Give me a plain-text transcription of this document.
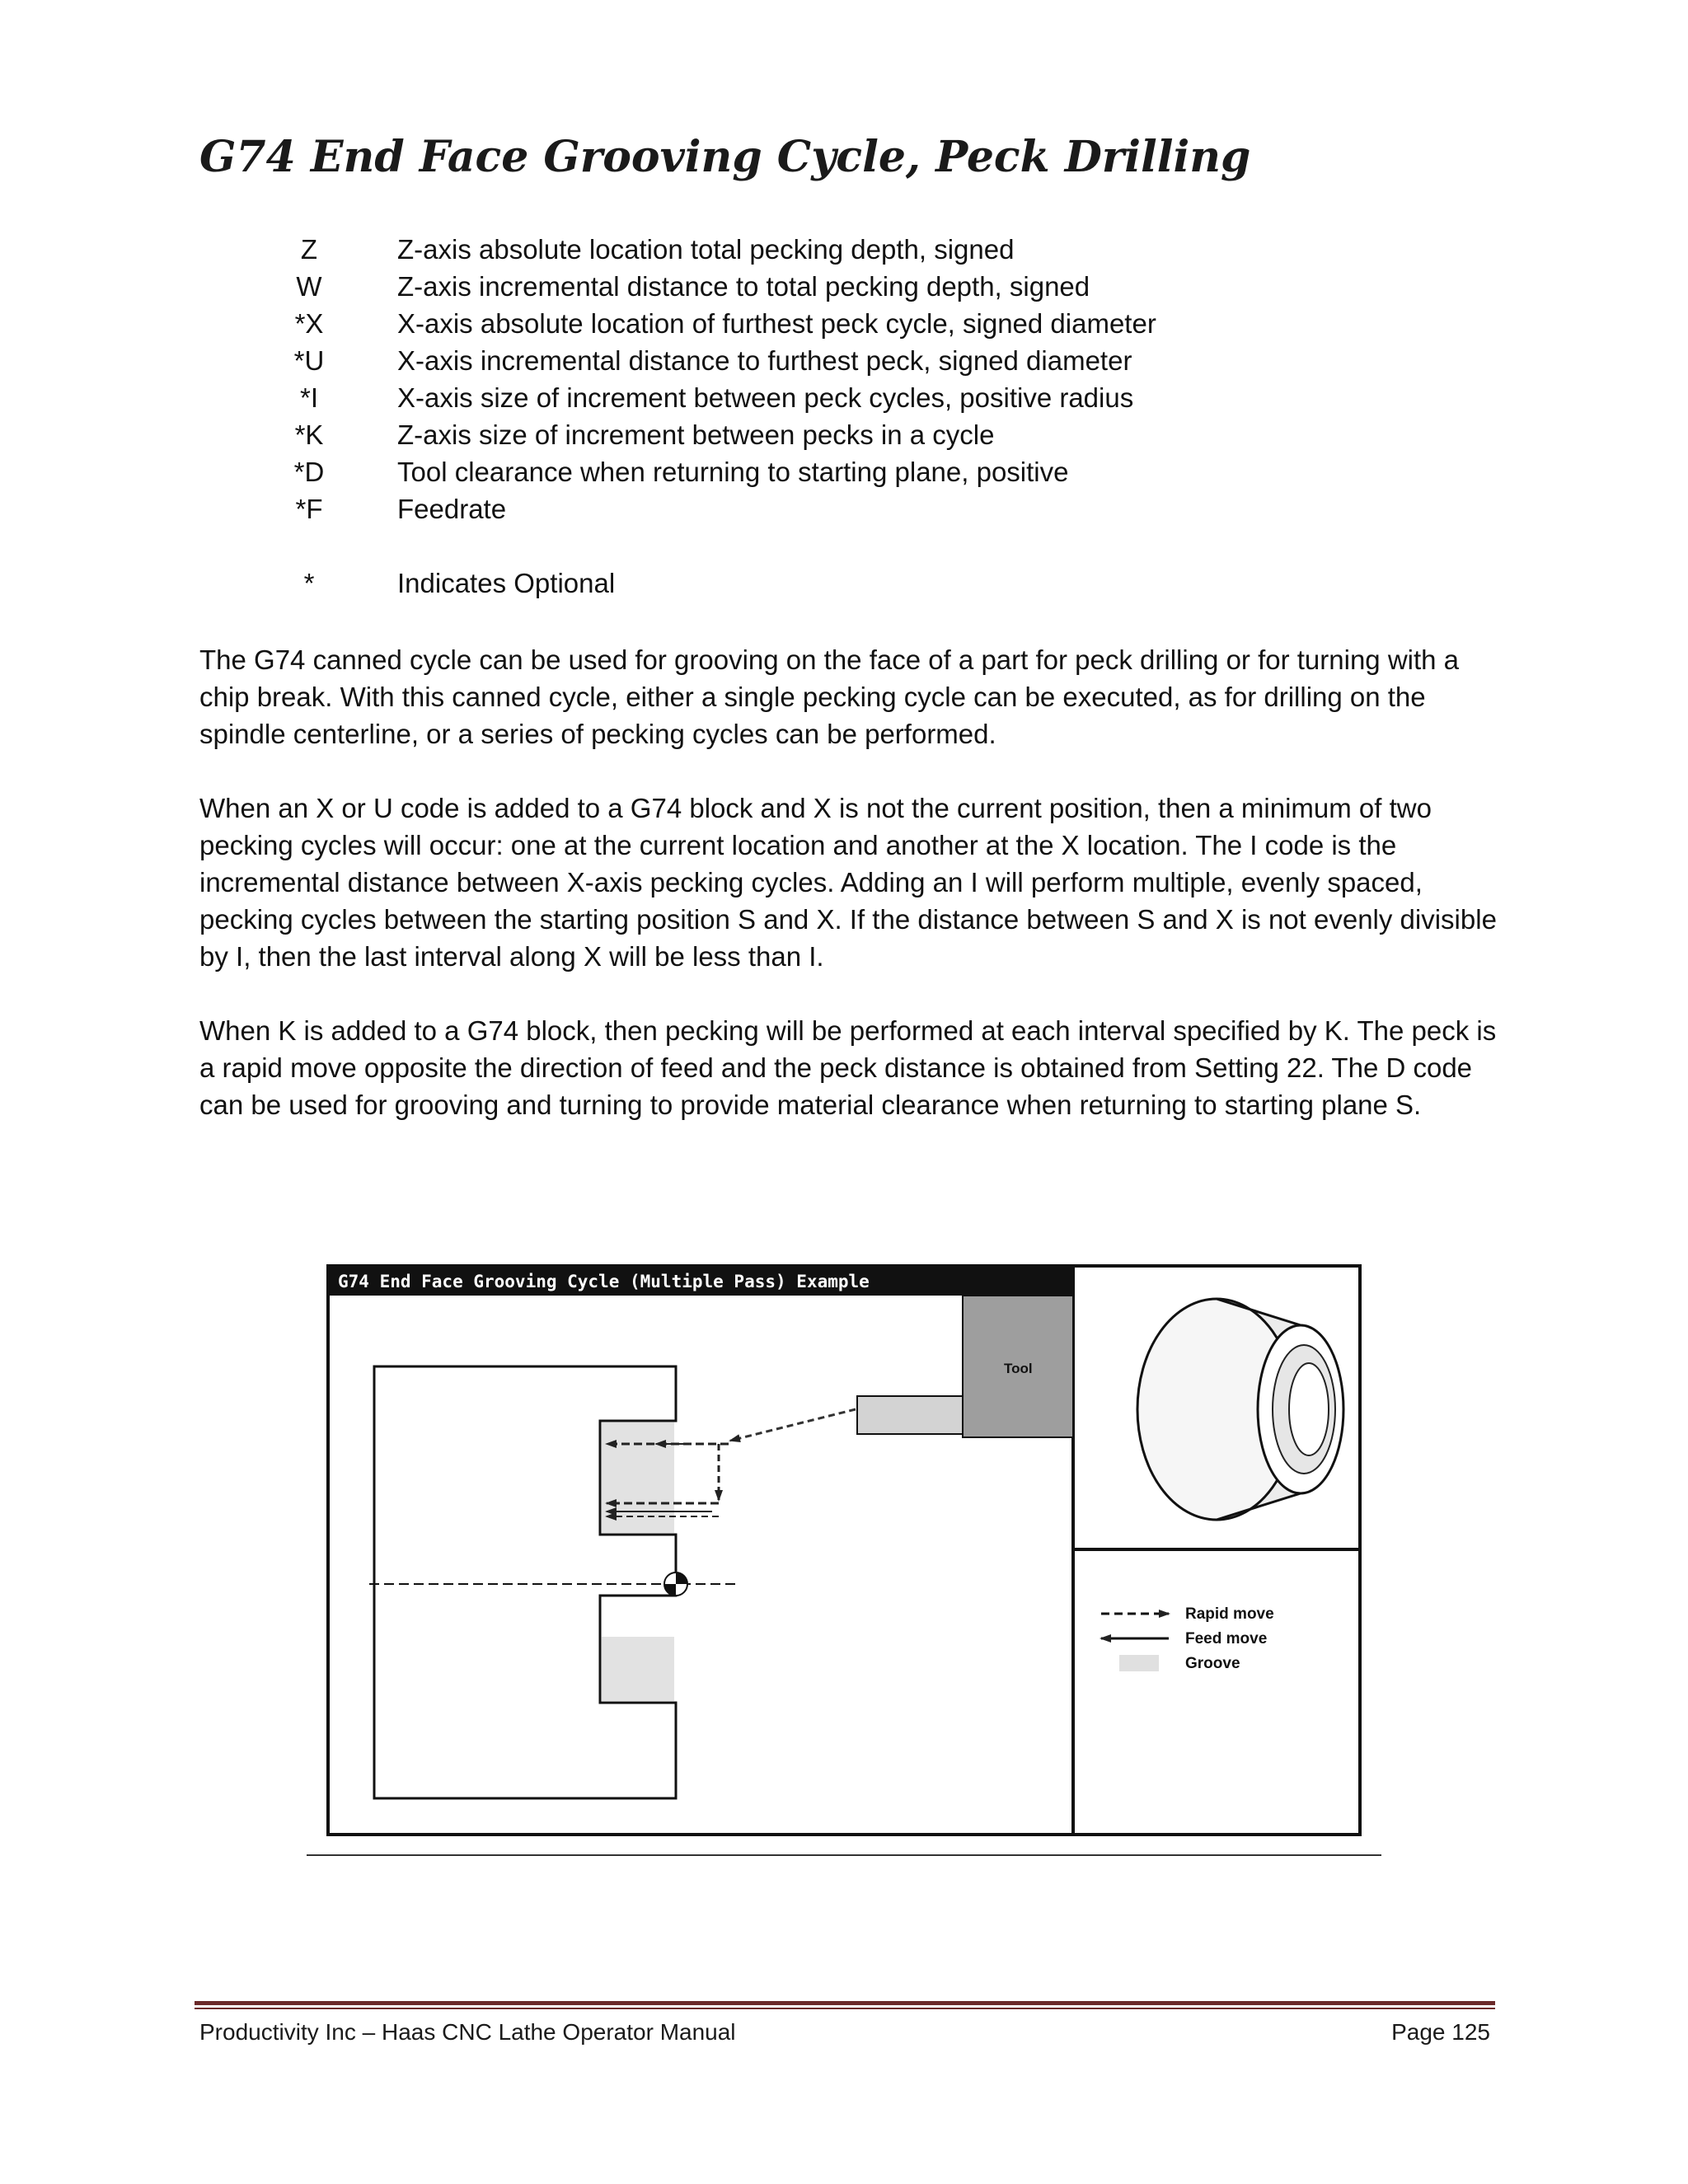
G74 End Face Grooving Cycle, Peck Drilling
Z	Z-axis absolute location total pecking depth, signed
W	Z-axis incremental distance to total pecking depth, signed
*X	X-axis absolute location of furthest peck cycle, signed diameter
*U	X-axis incremental distance to furthest peck, signed diameter
*I	X-axis size of increment between peck cycles, positive radius
*K	Z-axis size of increment between pecks in a cycle
*D	Tool clearance when returning to starting plane, positive
*F	Feedrate
*	Indicates Optional

The G74 canned cycle can be used for grooving on the face of a part for peck drilling or for turning with a chip break. With this canned cycle, either a single pecking cycle can be executed, as for drilling on the spindle centerline, or a series of pecking cycles can be performed.

When an X or U code is added to a G74 block and X is not the current position, then a minimum of two pecking cycles will occur: one at the current location and another at the X location. The I code is the incremental distance between X-axis pecking cycles. Adding an I will perform multiple, evenly spaced, pecking cycles between the starting position S and X. If the distance between S and X is not evenly divisible by I, then the last interval along X will be less than I.

When K is added to a G74 block, then pecking will be performed at each interval specified by K. The peck is a rapid move opposite the direction of feed and the peck distance is obtained from Setting 22. The D code can be used for grooving and turning to provide material clearance when returning to starting plane S.

G74 End Face Grooving Cycle (Multiple Pass) Example
Tool
Rapid move
Feed move
Groove
Productivity Inc – Haas CNC Lathe Operator Manual	Page 125
